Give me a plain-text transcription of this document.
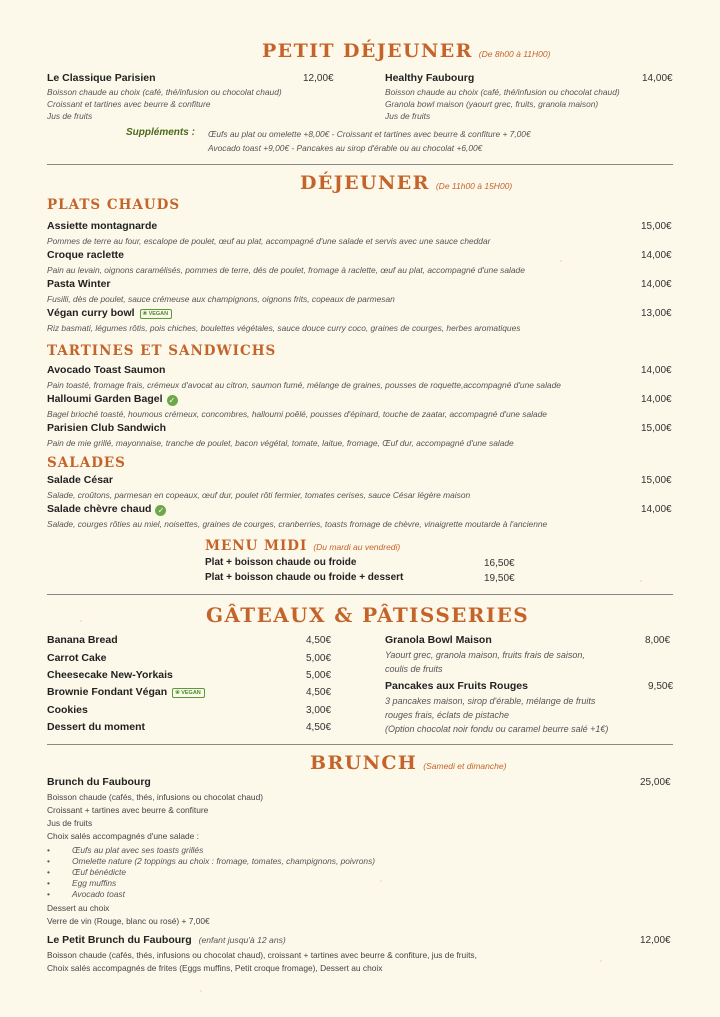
PETIT DÉJEUNER (De 8h00 à 11H00)
Le Classique Parisien	12,00€
Boisson chaude au choix (café, thé/infusion ou chocolat chaud)
Croissant et tartines avec beurre & confiture
Jus de fruits
Healthy Faubourg	14,00€
Boisson chaude au choix (café, thé/infusion ou chocolat chaud)
Granola bowl maison (yaourt grec, fruits, granola maison)
Jus de fruits
Suppléments : Œufs au plat ou omelette +8,00€ - Croissant et tartines avec beurre & confiture + 7,00€
Avocado toast +9,00€ - Pancakes au sirop d'érable ou au chocolat +6,00€
DÉJEUNER (De 11h00 à 15H00)
PLATS CHAUDS
Assiette montagnarde	15,00€
Pommes de terre au four, escalope de poulet, œuf au plat, accompagné d'une salade et servis avec une sauce cheddar
Croque raclette	14,00€
Pain au levain, oignons caramélisés, pommes de terre, dés de poulet, fromage à raclette, œuf au plat, accompagné d'une salade
Pasta Winter	14,00€
Fusilli, dès de poulet, sauce crémeuse aux champignons, oignons frits, copeaux de parmesan
Végan curry bowl ❀VEGAN	13,00€
Riz basmati, légumes rôtis, pois chiches, boulettes végétales, sauce douce curry coco, graines de courges, herbes aromatiques
TARTINES ET SANDWICHS
Avocado Toast Saumon	14,00€
Pain toasté, fromage frais, crémeux d'avocat au citron, saumon fumé, mélange de graines, pousses de roquette,accompagné d'une salade
Halloumi Garden Bagel ✓	14,00€
Bagel brioché toasté, houmous crémeux, concombres, halloumi poêlé, pousses d'épinard, touche de zaatar, accompagné d'une salade
Parisien Club Sandwich	15,00€
Pain de mie grillé, mayonnaise, tranche de poulet, bacon végétal, tomate, laitue, fromage, Œuf dur, accompagné d'une salade
SALADES
Salade César	15,00€
Salade, croûtons, parmesan en copeaux, œuf dur, poulet rôti fermier, tomates cerises, sauce César légère maison
Salade chèvre chaud ✓	14,00€
Salade, courges rôties au miel, noisettes, graines de courges, cranberries, toasts fromage de chèvre, vinaigrette moutarde à l'ancienne
MENU MIDI (Du mardi au vendredi)
Plat + boisson chaude ou froide	16,50€
Plat + boisson chaude ou froide + dessert	19,50€
GÂTEAUX & PÂTISSERIES
Banana Bread	4,50€
Carrot Cake	5,00€
Cheesecake New-Yorkais	5,00€
Brownie Fondant Végan ❀VEGAN	4,50€
Cookies	3,00€
Dessert du moment	4,50€
Granola Bowl Maison	8,00€
Yaourt grec, granola maison, fruits frais de saison,
coulis de fruits
Pancakes aux Fruits Rouges	9,50€
3 pancakes maison, sirop d'érable, mélange de fruits
rouges frais, éclats de pistache
(Option chocolat noir fondu ou caramel beurre salé +1€)
BRUNCH (Samedi et dimanche)
Brunch du Faubourg	25,00€
Boisson chaude (cafés, thés, infusions ou chocolat chaud)
Croissant + tartines avec beurre & confiture
Jus de fruits
Choix salés accompagnés d'une salade :
•	Œufs au plat avec ses toasts grillés
•	Omelette nature (2 toppings au choix : fromage, tomates, champignons, poivrons)
•	Œuf bénédicte
•	Egg muffins
•	Avocado toast
Dessert au choix
Verre de vin (Rouge, blanc ou rosé) + 7,00€
Le Petit Brunch du Faubourg (enfant jusqu'à 12 ans)	12,00€
Boisson chaude (cafés, thés, infusions ou chocolat chaud), croissant + tartines avec beurre & confiture, jus de fruits,
Choix salés accompagnés de frites (Eggs muffins, Petit croque fromage), Dessert au choix
